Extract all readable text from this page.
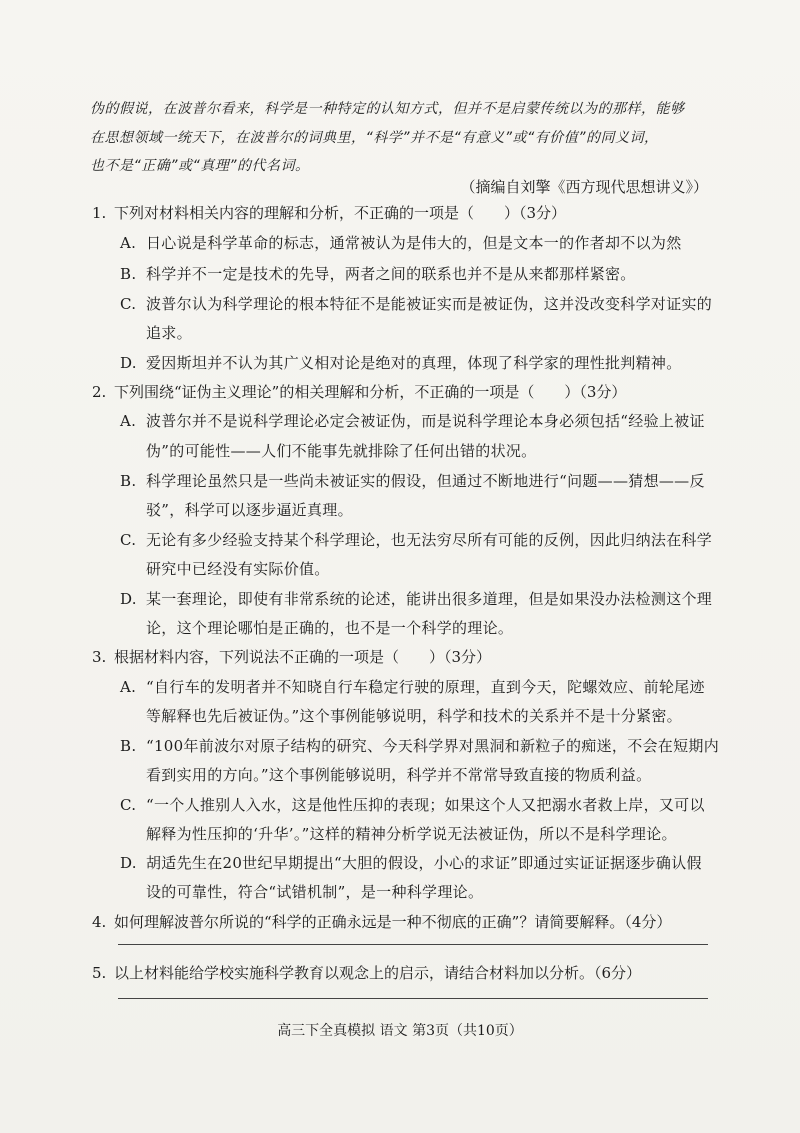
伪的假说，在波普尔看来，科学是一种特定的认知方式，但并不是启蒙传统以为的那样，能够
在思想领域一统天下，在波普尔的词典里，“科学”并不是“有意义”或“有价值”的同义词，
也不是“正确”或“真理”的代名词。
（摘编自刘擎《西方现代思想讲义》）
1. 下列对材料相关内容的理解和分析，不正确的一项是（　　）（3分）
A. 日心说是科学革命的标志，通常被认为是伟大的，但是文本一的作者却不以为然
B. 科学并不一定是技术的先导，两者之间的联系也并不是从来都那样紧密。
C. 波普尔认为科学理论的根本特征不是能被证实而是被证伪，这并没改变科学对证实的
追求。
D. 爱因斯坦并不认为其广义相对论是绝对的真理，体现了科学家的理性批判精神。
2. 下列围绕“证伪主义理论”的相关理解和分析，不正确的一项是（　　）（3分）
A. 波普尔并不是说科学理论必定会被证伪，而是说科学理论本身必须包括“经验上被证
伪”的可能性——人们不能事先就排除了任何出错的状况。
B. 科学理论虽然只是一些尚未被证实的假设，但通过不断地进行“问题——猜想——反
驳”，科学可以逐步逼近真理。
C. 无论有多少经验支持某个科学理论，也无法穷尽所有可能的反例，因此归纳法在科学
研究中已经没有实际价值。
D. 某一套理论，即使有非常系统的论述，能讲出很多道理，但是如果没办法检测这个理
论，这个理论哪怕是正确的，也不是一个科学的理论。
3. 根据材料内容，下列说法不正确的一项是（　　）（3分）
A. “自行车的发明者并不知晓自行车稳定行驶的原理，直到今天，陀螺效应、前轮尾迹
等解释也先后被证伪。”这个事例能够说明，科学和技术的关系并不是十分紧密。
B. “100年前波尔对原子结构的研究、今天科学界对黑洞和新粒子的痴迷，不会在短期内
看到实用的方向。”这个事例能够说明，科学并不常常导致直接的物质利益。
C. “一个人推别人入水，这是他性压抑的表现；如果这个人又把溺水者救上岸，又可以
解释为性压抑的‘升华’。”这样的精神分析学说无法被证伪，所以不是科学理论。
D. 胡适先生在20世纪早期提出“大胆的假设，小心的求证”即通过实证证据逐步确认假
设的可靠性，符合“试错机制”，是一种科学理论。
4. 如何理解波普尔所说的“科学的正确永远是一种不彻底的正确”？请简要解释。（4分）
5. 以上材料能给学校实施科学教育以观念上的启示，请结合材料加以分析。（6分）
高三下全真模拟 语文 第3页（共10页）
